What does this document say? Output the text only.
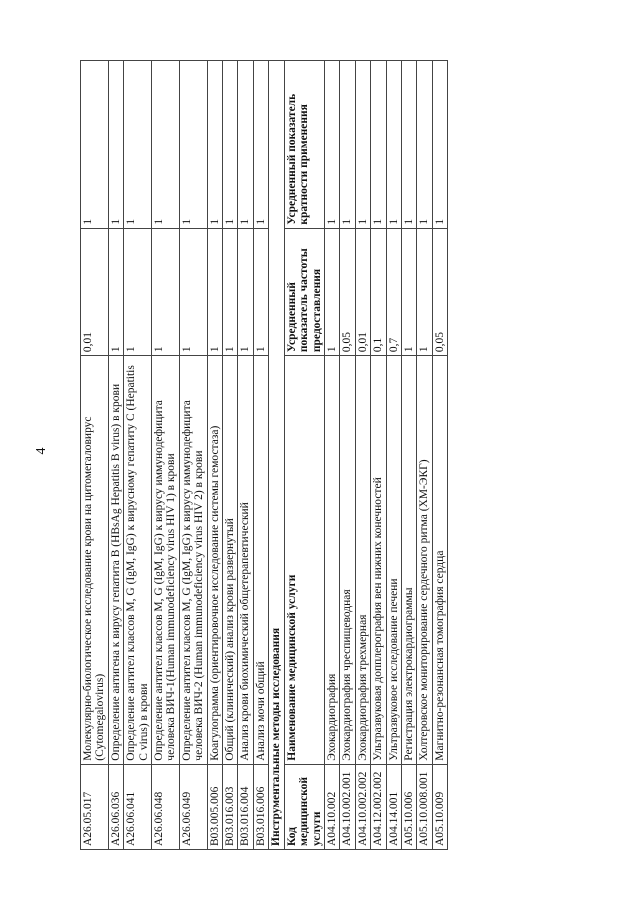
4
A26.05.017	Молекулярно-биологическое исследование крови на цитомегаловирус (Cytomegalovirus)	0,01	1
A26.06.036	Определение антигена к вирусу гепатита В (HBsAg Hepatitis В virus) в крови	1	1
A26.06.041	Определение антител классов М, G (IgM, IgG) к вирусному гепатиту С (Hepatitis С virus) в крови	1	1
A26.06.048	Определение антител классов М, G (IgM, IgG) к вирусу иммунодефицита человека ВИЧ-1(Human immunodeficiency virus HIV 1) в крови	1	1
A26.06.049	Определение антител классов М, G (IgM, IgG) к вирусу иммунодефицита человека ВИЧ-2 (Human immunodeficiency virus HIV 2) в крови	1	1
B03.005.006	Коагулограмма (ориентировочное исследование системы гемостаза)	1	1
B03.016.003	Общий (клинический) анализ крови развернутый	1	1
B03.016.004	Анализ крови биохимический общетерапевтический	1	1
B03.016.006	Анализ мочи общий	1	1
Инструментальные методы исследования			
Код медицинской услуги	Наименование медицинской услуги	Усредненный показатель частоты предоставления	Усредненный показатель кратности применения
A04.10.002	Эхокардиография	1	1
A04.10.002.001	Эхокардиография чреспищеводная	0,05	1
A04.10.002.002	Эхокардиография трехмерная	0,01	1
A04.12.002.002	Ультразвуковая допплерография вен нижних конечностей	0,1	1
A04.14.001	Ультразвуковое исследование печени	0,7	1
A05.10.006	Регистрация электрокардиограммы	1	1
A05.10.008.001	Холтеровское мониторирование сердечного ритма (ХМ-ЭКГ)	1	1
A05.10.009	Магнитно-резонансная томография сердца	0,05	1
